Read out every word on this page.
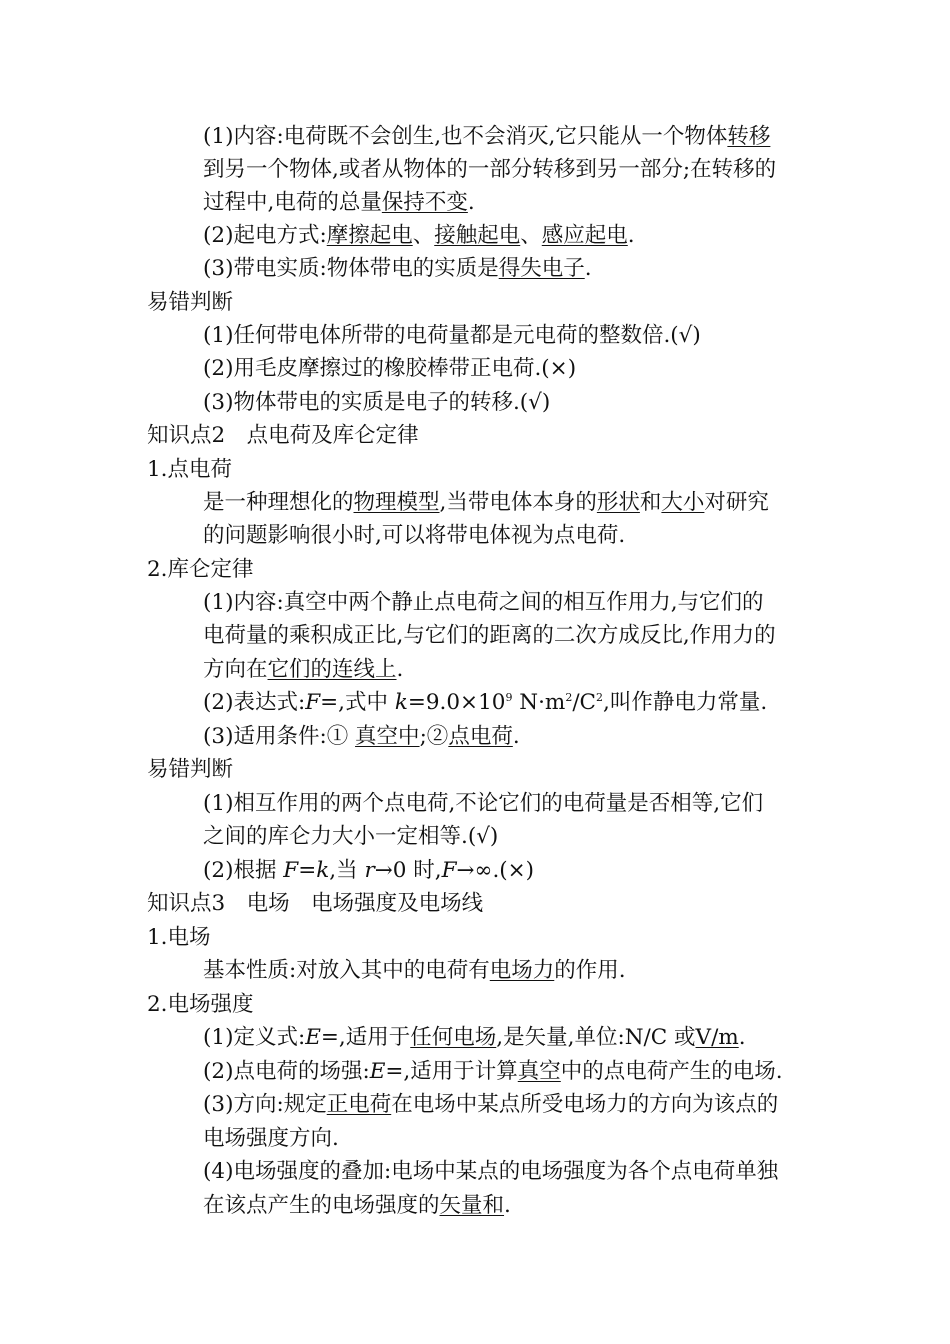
(1)内容:电荷既不会创生,也不会消灭,它只能从一个物体转移
到另一个物体,或者从物体的一部分转移到另一部分;在转移的
过程中,电荷的总量保持不变.
(2)起电方式:摩擦起电、接触起电、感应起电.
(3)带电实质:物体带电的实质是得失电子.
易错判断
(1)任何带电体所带的电荷量都是元电荷的整数倍.(√)
(2)用毛皮摩擦过的橡胶棒带正电荷.(×)
(3)物体带电的实质是电子的转移.(√)
知识点2　点电荷及库仑定律
1.点电荷
是一种理想化的物理模型,当带电体本身的形状和大小对研究
的问题影响很小时,可以将带电体视为点电荷.
2.库仑定律
(1)内容:真空中两个静止点电荷之间的相互作用力,与它们的
电荷量的乘积成正比,与它们的距离的二次方成反比,作用力的
方向在它们的连线上.
(2)表达式:F=,式中 $k=9.0\times 10^9$ $N\cdot m^2/C^2$,叫作静电力常量.
(3)适用条件:① 真空中;②点电荷.
易错判断
(1)相互作用的两个点电荷,不论它们的电荷量是否相等,它们
之间的库仑力大小一定相等.(√)
(2)根据 F=k,当 r→0 时,F→∞.(×)
知识点3　电场　电场强度及电场线
1.电场
基本性质:对放入其中的电荷有电场力的作用.
2.电场强度
(1)定义式:E=,适用于任何电场,是矢量,单位:N/C 或V/m.
(2)点电荷的场强:E=,适用于计算真空中的点电荷产生的电场.
(3)方向:规定正电荷在电场中某点所受电场力的方向为该点的
电场强度方向.
(4)电场强度的叠加:电场中某点的电场强度为各个点电荷单独
在该点产生的电场强度的矢量和.
